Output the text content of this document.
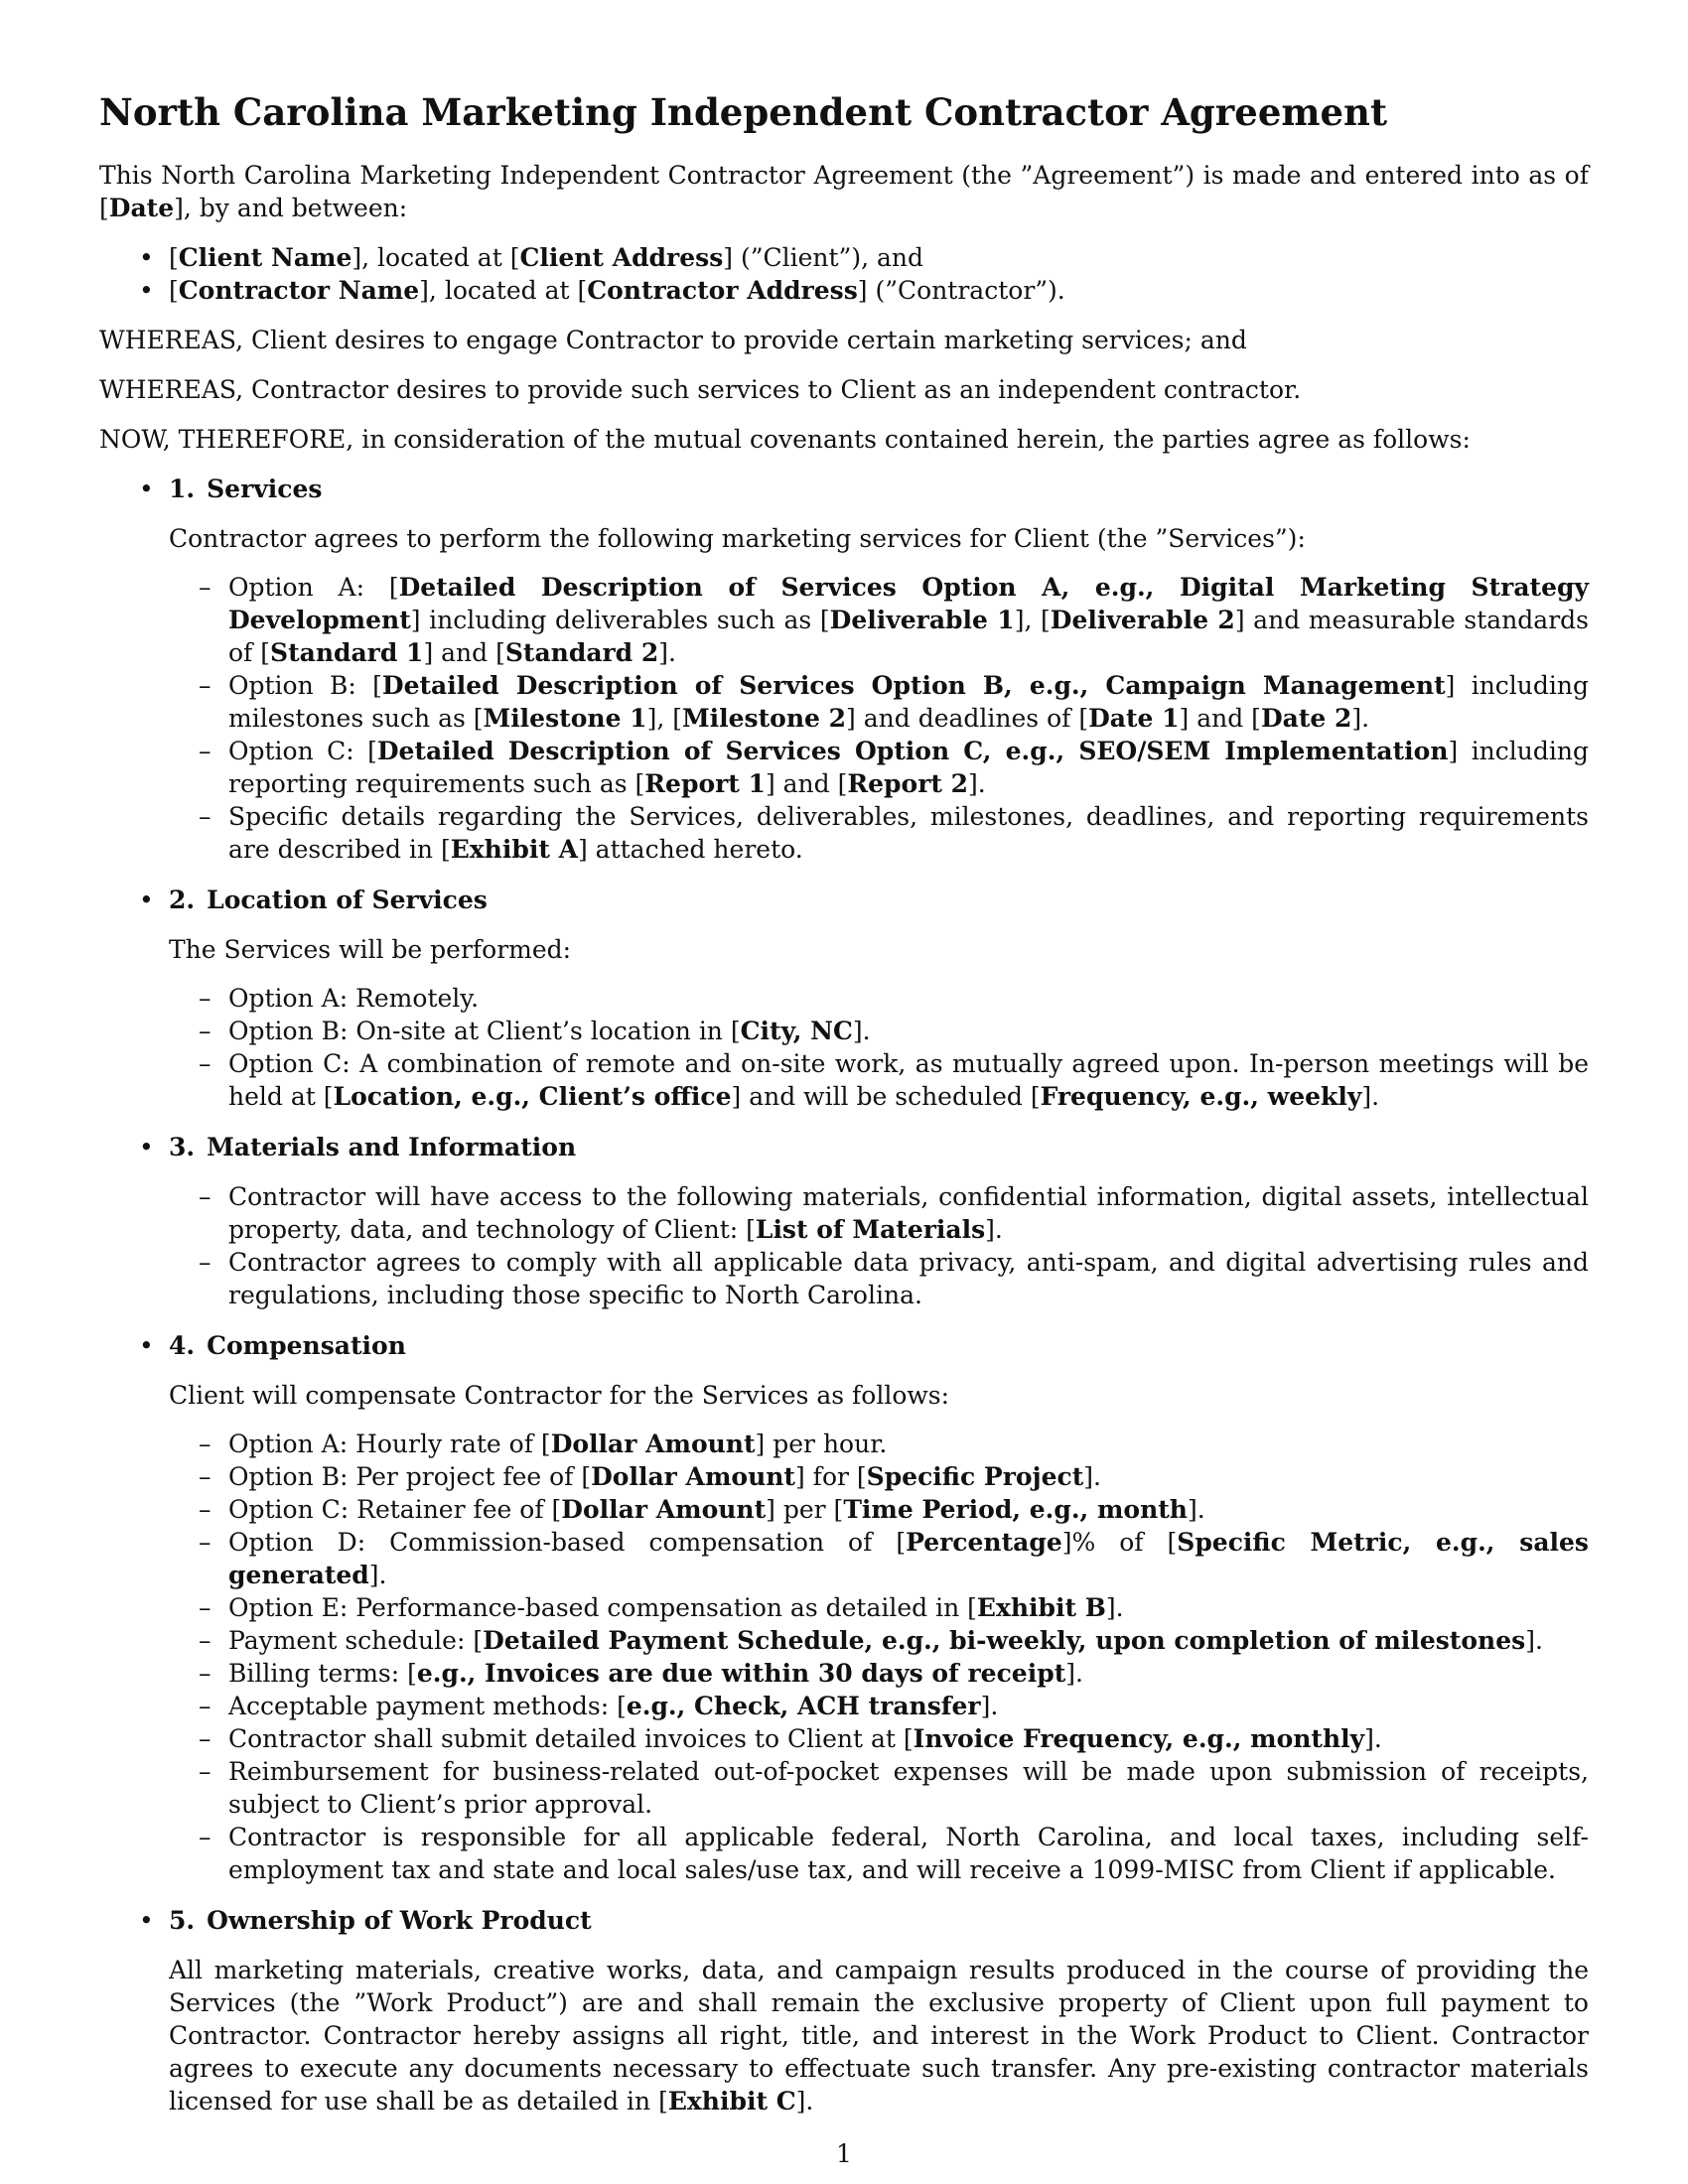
North Carolina Marketing Independent Contractor Agreement

This North Carolina Marketing Independent Contractor Agreement (the ”Agreement”) is made and entered into as of [Date], by and between:

• [Client Name], located at [Client Address] (”Client”), and
• [Contractor Name], located at [Contractor Address] (”Contractor”).

WHEREAS, Client desires to engage Contractor to provide certain marketing services; and

WHEREAS, Contractor desires to provide such services to Client as an independent contractor.

NOW, THEREFORE, in consideration of the mutual covenants contained herein, the parties agree as follows:

• 1. Services

Contractor agrees to perform the following marketing services for Client (the ”Services”):

– Option A: [Detailed Description of Services Option A, e.g., Digital Marketing Strategy Development] including deliverables such as [Deliverable 1], [Deliverable 2] and measurable standards of [Standard 1] and [Standard 2].
– Option B: [Detailed Description of Services Option B, e.g., Campaign Management] including milestones such as [Milestone 1], [Milestone 2] and deadlines of [Date 1] and [Date 2].
– Option C: [Detailed Description of Services Option C, e.g., SEO/SEM Implementation] including reporting requirements such as [Report 1] and [Report 2].
– Specific details regarding the Services, deliverables, milestones, deadlines, and reporting requirements are described in [Exhibit A] attached hereto.
• 2. Location of Services

The Services will be performed:

– Option A: Remotely.
– Option B: On-site at Client’s location in [City, NC].
– Option C: A combination of remote and on-site work, as mutually agreed upon. In-person meetings will be held at [Location, e.g., Client’s office] and will be scheduled [Frequency, e.g., weekly].
• 3. Materials and Information
– Contractor will have access to the following materials, confidential information, digital assets, intellectual property, data, and technology of Client: [List of Materials].
– Contractor agrees to comply with all applicable data privacy, anti-spam, and digital advertising rules and regulations, including those specific to North Carolina.
• 4. Compensation

Client will compensate Contractor for the Services as follows:

– Option A: Hourly rate of [Dollar Amount] per hour.
– Option B: Per project fee of [Dollar Amount] for [Specific Project].
– Option C: Retainer fee of [Dollar Amount] per [Time Period, e.g., month].
– Option D: Commission-based compensation of [Percentage]% of [Specific Metric, e.g., sales generated].
– Option E: Performance-based compensation as detailed in [Exhibit B].
– Payment schedule: [Detailed Payment Schedule, e.g., bi-weekly, upon completion of milestones].
– Billing terms: [e.g., Invoices are due within 30 days of receipt].
– Acceptable payment methods: [e.g., Check, ACH transfer].
– Contractor shall submit detailed invoices to Client at [Invoice Frequency, e.g., monthly].
– Reimbursement for business-related out-of-pocket expenses will be made upon submission of receipts, subject to Client’s prior approval.
– Contractor is responsible for all applicable federal, North Carolina, and local taxes, including self-employment tax and state and local sales/use tax, and will receive a 1099-MISC from Client if applicable.
• 5. Ownership of Work Product

All marketing materials, creative works, data, and campaign results produced in the course of providing the Services (the ”Work Product”) are and shall remain the exclusive property of Client upon full payment to Contractor. Contractor hereby assigns all right, title, and interest in the Work Product to Client. Contractor agrees to execute any documents necessary to effectuate such transfer. Any pre-existing contractor materials licensed for use shall be as detailed in [Exhibit C].

1
